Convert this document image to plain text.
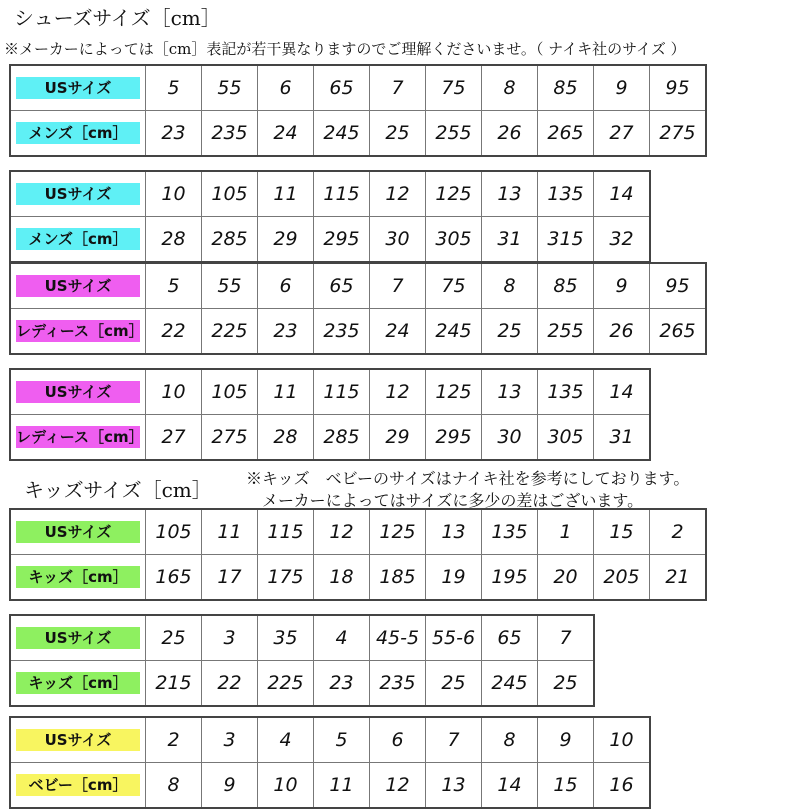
シューズサイズ［cm］
※メーカーによっては［cm］表記が若干異なりますのでご理解くださいませ。（ ナイキ社のサイズ ）
キッズサイズ［cm］ ※キッズ　ベビーのサイズはナイキ社を参考にしております。
メーカーによってはサイズに多少の差はございます。
USサイズ	5	55	6	65	7	75	8	85	9	95

メンズ［cm］	23	235	24	245	25	255	26	265	27	275
USサイズ	10	105	11	115	12	125	13	135	14

メンズ［cm］	28	285	29	295	30	305	31	315	32
USサイズ	5	55	6	65	7	75	8	85	9	95

レディース［cm］	22	225	23	235	24	245	25	255	26	265
USサイズ	10	105	11	115	12	125	13	135	14

レディース［cm］	27	275	28	285	29	295	30	305	31
USサイズ	105	11	115	12	125	13	135	1	15	2

キッズ［cm］	165	17	175	18	185	19	195	20	205	21
USサイズ	25	3	35	4	45-5	55-6	65	7

キッズ［cm］	215	22	225	23	235	25	245	25
USサイズ	2	3	4	5	6	7	8	9	10

ベビー［cm］	8	9	10	11	12	13	14	15	16
